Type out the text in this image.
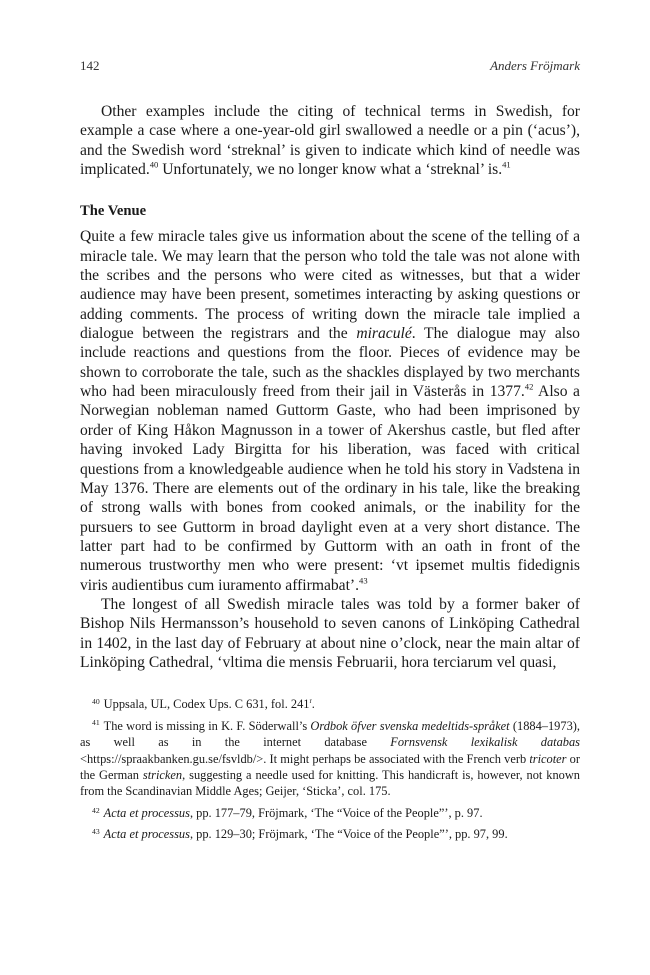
142	Anders Fröjmark

Other examples include the citing of technical terms in Swedish, for example a case where a one-year-old girl swallowed a needle or a pin (‘acus’), and the Swedish word ‘streknal’ is given to indicate which kind of needle was implicated.$^{40}$ Unfortunately, we no longer know what a ‘streknal’ is.$^{41}$

The Venue

Quite a few miracle tales give us information about the scene of the telling of a miracle tale. We may learn that the person who told the tale was not alone with the scribes and the persons who were cited as witnesses, but that a wider audience may have been present, sometimes interacting by asking questions or adding comments. The process of writing down the miracle tale implied a dialogue between the registrars and the miraculé. The dialogue may also include reactions and questions from the floor. Pieces of evidence may be shown to corroborate the tale, such as the shackles displayed by two merchants who had been miraculously freed from their jail in Västerås in 1377.42 Also a Norwegian nobleman named Guttorm Gaste, who had been imprisoned by order of King Håkon Magnusson in a tower of Akershus castle, but fled after having invoked Lady Birgitta for his liberation, was faced with critical questions from a knowledgeable audience when he told his story in Vadstena in May 1376. There are elements out of the ordinary in his tale, like the breaking of strong walls with bones from cooked animals, or the inability for the pursuers to see Guttorm in broad daylight even at a very short distance. The latter part had to be confirmed by Guttorm with an oath in front of the numerous trustworthy men who were present: ‘vt ipsemet multis fidedignis viris audientibus cum iuramento affirmabat’.$^{43}$

The longest of all Swedish miracle tales was told by a former baker of Bishop Nils Hermansson’s household to seven canons of Linköping Cathedral in 1402, in the last day of February at about nine o’clock, near the main altar of Linköping Cathedral, ‘vltima die mensis Februarii, hora terciarum vel quasi,

$^{40}$ Uppsala, UL, Codex Ups. C 631, fol. 241$^r$.

$^{41}$ The word is missing in K. F. Söderwall’s Ordbok öfver svenska medeltids-språket (1884–1973), as well as in the internet database Fornsvensk lexikalisk databas <https://spraakbanken.gu.se/fsvldb/>. It might perhaps be associated with the French verb tricoter or the German stricken, suggesting a needle used for knitting. This handicraft is, however, not known from the Scandinavian Middle Ages; Geijer, ‘Sticka’, col. 175.

$^{42}$ Acta et processus, pp. 177–79, Fröjmark, ‘The “Voice of the People”’, p. 97.

$^{43}$ Acta et processus, pp. 129–30; Fröjmark, ‘The “Voice of the People”’, pp. 97, 99.
